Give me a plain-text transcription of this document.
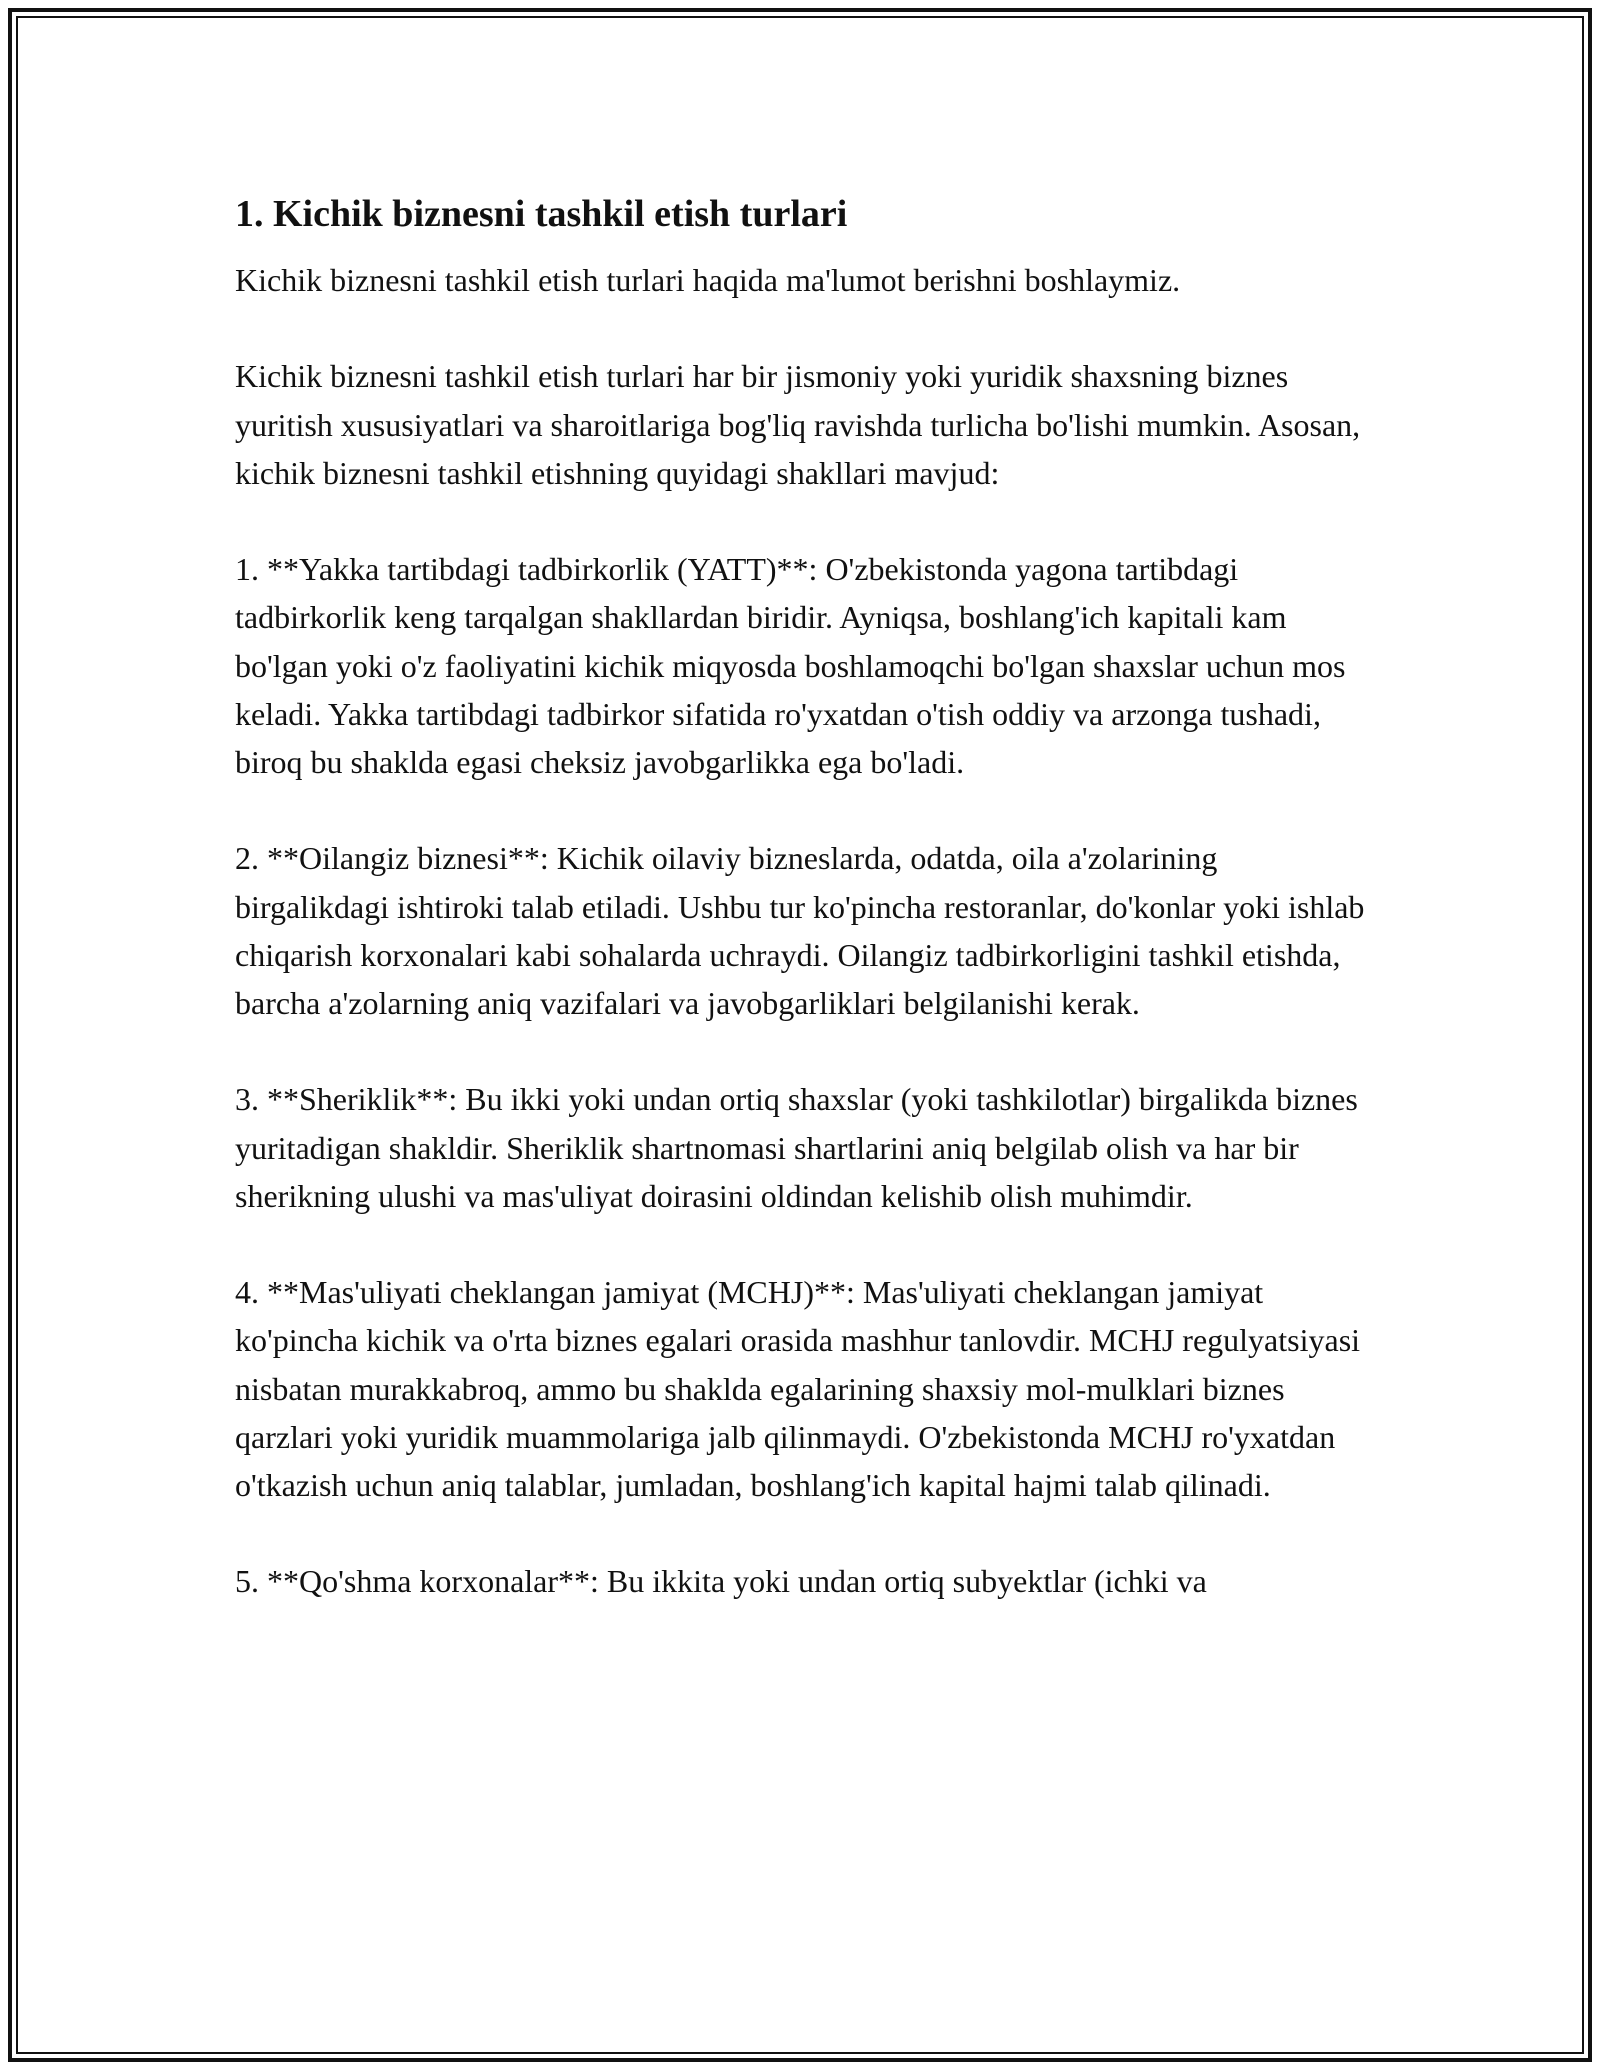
1. Kichik biznesni tashkil etish turlari

Kichik biznesni tashkil etish turlari haqida ma'lumot berishni boshlaymiz.

Kichik biznesni tashkil etish turlari har bir jismoniy yoki yuridik shaxsning biznes yuritish xususiyatlari va sharoitlariga bog'liq ravishda turlicha bo'lishi mumkin. Asosan, kichik biznesni tashkil etishning quyidagi shakllari mavjud:

1. **Yakka tartibdagi tadbirkorlik (YATT)**: O'zbekistonda yagona tartibdagi tadbirkorlik keng tarqalgan shakllardan biridir. Ayniqsa, boshlang'ich kapitali kam bo'lgan yoki o'z faoliyatini kichik miqyosda boshlamoqchi bo'lgan shaxslar uchun mos keladi. Yakka tartibdagi tadbirkor sifatida ro'yxatdan o'tish oddiy va arzonga tushadi, biroq bu shaklda egasi cheksiz javobgarlikka ega bo'ladi.

2. **Oilangiz biznesi**: Kichik oilaviy bizneslarda, odatda, oila a'zolarining birgalikdagi ishtiroki talab etiladi. Ushbu tur ko'pincha restoranlar, do'konlar yoki ishlab chiqarish korxonalari kabi sohalarda uchraydi. Oilangiz tadbirkorligini tashkil etishda, barcha a'zolarning aniq vazifalari va javobgarliklari belgilanishi kerak.

3. **Sheriklik**: Bu ikki yoki undan ortiq shaxslar (yoki tashkilotlar) birgalikda biznes yuritadigan shakldir. Sheriklik shartnomasi shartlarini aniq belgilab olish va har bir sherikning ulushi va mas'uliyat doirasini oldindan kelishib olish muhimdir.

4. **Mas'uliyati cheklangan jamiyat (MCHJ)**: Mas'uliyati cheklangan jamiyat ko'pincha kichik va o'rta biznes egalari orasida mashhur tanlovdir. MCHJ regulyatsiyasi nisbatan murakkabroq, ammo bu shaklda egalarining shaxsiy mol-mulklari biznes qarzlari yoki yuridik muammolariga jalb qilinmaydi. O'zbekistonda MCHJ ro'yxatdan o'tkazish uchun aniq talablar, jumladan, boshlang'ich kapital hajmi talab qilinadi.

5. **Qo'shma korxonalar**: Bu ikkita yoki undan ortiq subyektlar (ichki va
